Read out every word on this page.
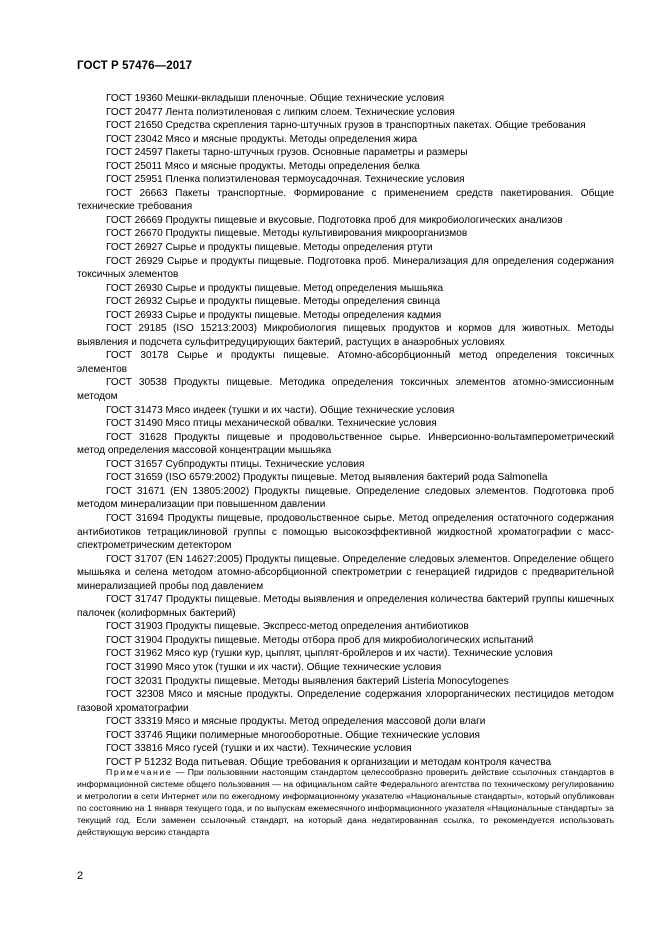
ГОСТ Р 57476—2017

ГОСТ 19360 Мешки-вкладыши пленочные. Общие технические условия

ГОСТ 20477 Лента полиэтиленовая с липким слоем. Технические условия

ГОСТ 21650 Средства скрепления тарно-штучных грузов в транспортных пакетах. Общие требования

ГОСТ 23042 Мясо и мясные продукты. Методы определения жира

ГОСТ 24597 Пакеты тарно-штучных грузов. Основные параметры и размеры

ГОСТ 25011 Мясо и мясные продукты. Методы определения белка

ГОСТ 25951 Пленка полиэтиленовая термоусадочная. Технические условия

ГОСТ 26663 Пакеты транспортные. Формирование с применением средств пакетирования. Общие технические требования

ГОСТ 26669 Продукты пищевые и вкусовые. Подготовка проб для микробиологических анализов

ГОСТ 26670 Продукты пищевые. Методы культивирования микроорганизмов

ГОСТ 26927 Сырье и продукты пищевые. Методы определения ртути

ГОСТ 26929 Сырье и продукты пищевые. Подготовка проб. Минерализация для определения содержания токсичных элементов

ГОСТ 26930 Сырье и продукты пищевые. Метод определения мышьяка

ГОСТ 26932 Сырье и продукты пищевые. Методы определения свинца

ГОСТ 26933 Сырье и продукты пищевые. Методы определения кадмия

ГОСТ 29185 (ISO 15213:2003) Микробиология пищевых продуктов и кормов для животных. Методы выявления и подсчета сульфитредуцирующих бактерий, растущих в анаэробных условиях

ГОСТ 30178 Сырье и продукты пищевые. Атомно-абсорбционный метод определения токсичных элементов

ГОСТ 30538 Продукты пищевые. Методика определения токсичных элементов атомно-эмиссионным методом

ГОСТ 31473 Мясо индеек (тушки и их части). Общие технические условия

ГОСТ 31490 Мясо птицы механической обвалки. Технические условия

ГОСТ 31628 Продукты пищевые и продовольственное сырье. Инверсионно-вольтамперометрический метод определения массовой концентрации мышьяка

ГОСТ 31657 Субпродукты птицы. Технические условия

ГОСТ 31659 (ISO 6579:2002) Продукты пищевые. Метод выявления бактерий рода Salmonella

ГОСТ 31671 (EN 13805:2002) Продукты пищевые. Определение следовых элементов. Подготовка проб методом минерализации при повышенном давлении

ГОСТ 31694 Продукты пищевые, продовольственное сырье. Метод определения остаточного содержания антибиотиков тетрациклиновой группы с помощью высокоэффективной жидкостной хроматографии с масс-спектрометрическим детектором

ГОСТ 31707 (EN 14627:2005) Продукты пищевые. Определение следовых элементов. Определение общего мышьяка и селена методом атомно-абсорбционной спектрометрии с генерацией гидридов с предварительной минерализацией пробы под давлением

ГОСТ 31747 Продукты пищевые. Методы выявления и определения количества бактерий группы кишечных палочек (колиформных бактерий)

ГОСТ 31903 Продукты пищевые. Экспресс-метод определения антибиотиков

ГОСТ 31904 Продукты пищевые. Методы отбора проб для микробиологических испытаний

ГОСТ 31962 Мясо кур (тушки кур, цыплят, цыплят-бройлеров и их части). Технические условия

ГОСТ 31990 Мясо уток (тушки и их части). Общие технические условия

ГОСТ 32031 Продукты пищевые. Методы выявления бактерий Listeria Monocytogenes

ГОСТ 32308 Мясо и мясные продукты. Определение содержания хлорорганических пестицидов методом газовой хроматографии

ГОСТ 33319 Мясо и мясные продукты. Метод определения массовой доли влаги

ГОСТ 33746 Ящики полимерные многооборотные. Общие технические условия

ГОСТ 33816 Мясо гусей (тушки и их части). Технические условия

ГОСТ Р 51232 Вода питьевая. Общие требования к организации и методам контроля качества

Примечание — При пользовании настоящим стандартом целесообразно проверить действие ссылочных стандартов в информационной системе общего пользования — на официальном сайте Федерального агентства по техническому регулированию и метрологии в сети Интернет или по ежегодному информационному указателю «Национальные стандарты», который опубликован по состоянию на 1 января текущего года, и по выпускам ежемесячного информационного указателя «Национальные стандарты» за текущий год. Если заменен ссылочный стандарт, на который дана недатированная ссылка, то рекомендуется использовать действующую версию стандарта

2
